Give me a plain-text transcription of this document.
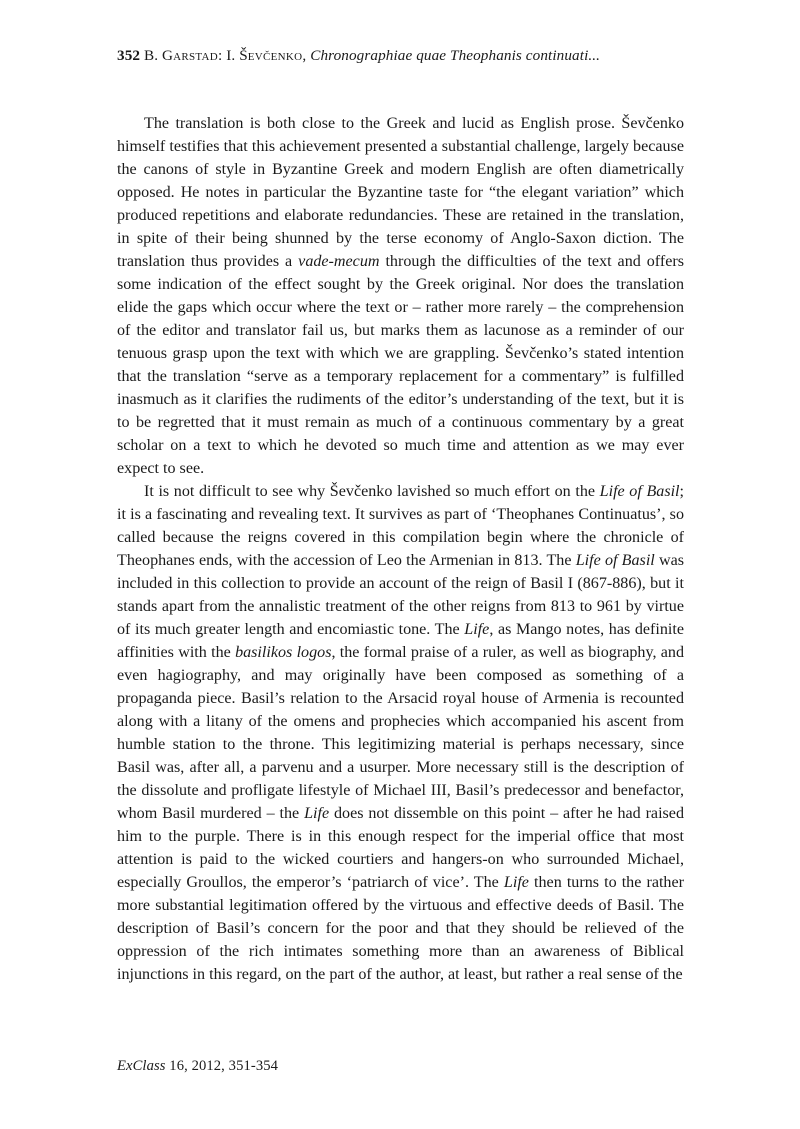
352 B. Garstad: I. Ševčenko, Chronographiae quae Theophanis continuati...

The translation is both close to the Greek and lucid as English prose. Ševčenko himself testifies that this achievement presented a substantial challenge, largely because the canons of style in Byzantine Greek and modern English are often diametrically opposed. He notes in particular the Byzantine taste for “the elegant variation” which produced repetitions and elaborate redundancies. These are retained in the translation, in spite of their being shunned by the terse economy of Anglo-Saxon diction. The translation thus provides a vade-mecum through the difficulties of the text and offers some indication of the effect sought by the Greek original. Nor does the translation elide the gaps which occur where the text or – rather more rarely – the comprehension of the editor and translator fail us, but marks them as lacunose as a reminder of our tenuous grasp upon the text with which we are grappling. Ševčenko’s stated intention that the translation “serve as a temporary replacement for a commentary” is fulfilled inasmuch as it clarifies the rudiments of the editor’s understanding of the text, but it is to be regretted that it must remain as much of a continuous commentary by a great scholar on a text to which he devoted so much time and attention as we may ever expect to see.

It is not difficult to see why Ševčenko lavished so much effort on the Life of Basil; it is a fascinating and revealing text. It survives as part of ‘Theophanes Continuatus’, so called because the reigns covered in this compilation begin where the chronicle of Theophanes ends, with the accession of Leo the Armenian in 813. The Life of Basil was included in this collection to provide an account of the reign of Basil I (867-886), but it stands apart from the annalistic treatment of the other reigns from 813 to 961 by virtue of its much greater length and encomiastic tone. The Life, as Mango notes, has definite affinities with the basilikos logos, the formal praise of a ruler, as well as biography, and even hagiography, and may originally have been composed as something of a propaganda piece. Basil’s relation to the Arsacid royal house of Armenia is recounted along with a litany of the omens and prophecies which accompanied his ascent from humble station to the throne. This legitimizing material is perhaps necessary, since Basil was, after all, a parvenu and a usurper. More necessary still is the description of the dissolute and profligate lifestyle of Michael III, Basil’s predecessor and benefactor, whom Basil murdered – the Life does not dissemble on this point – after he had raised him to the purple. There is in this enough respect for the imperial office that most attention is paid to the wicked courtiers and hangers-on who surrounded Michael, especially Groullos, the emperor’s ‘patriarch of vice’. The Life then turns to the rather more substantial legitimation offered by the virtuous and effective deeds of Basil. The description of Basil’s concern for the poor and that they should be relieved of the oppression of the rich intimates something more than an awareness of Biblical injunctions in this regard, on the part of the author, at least, but rather a real sense of the

ExClass 16, 2012, 351-354
